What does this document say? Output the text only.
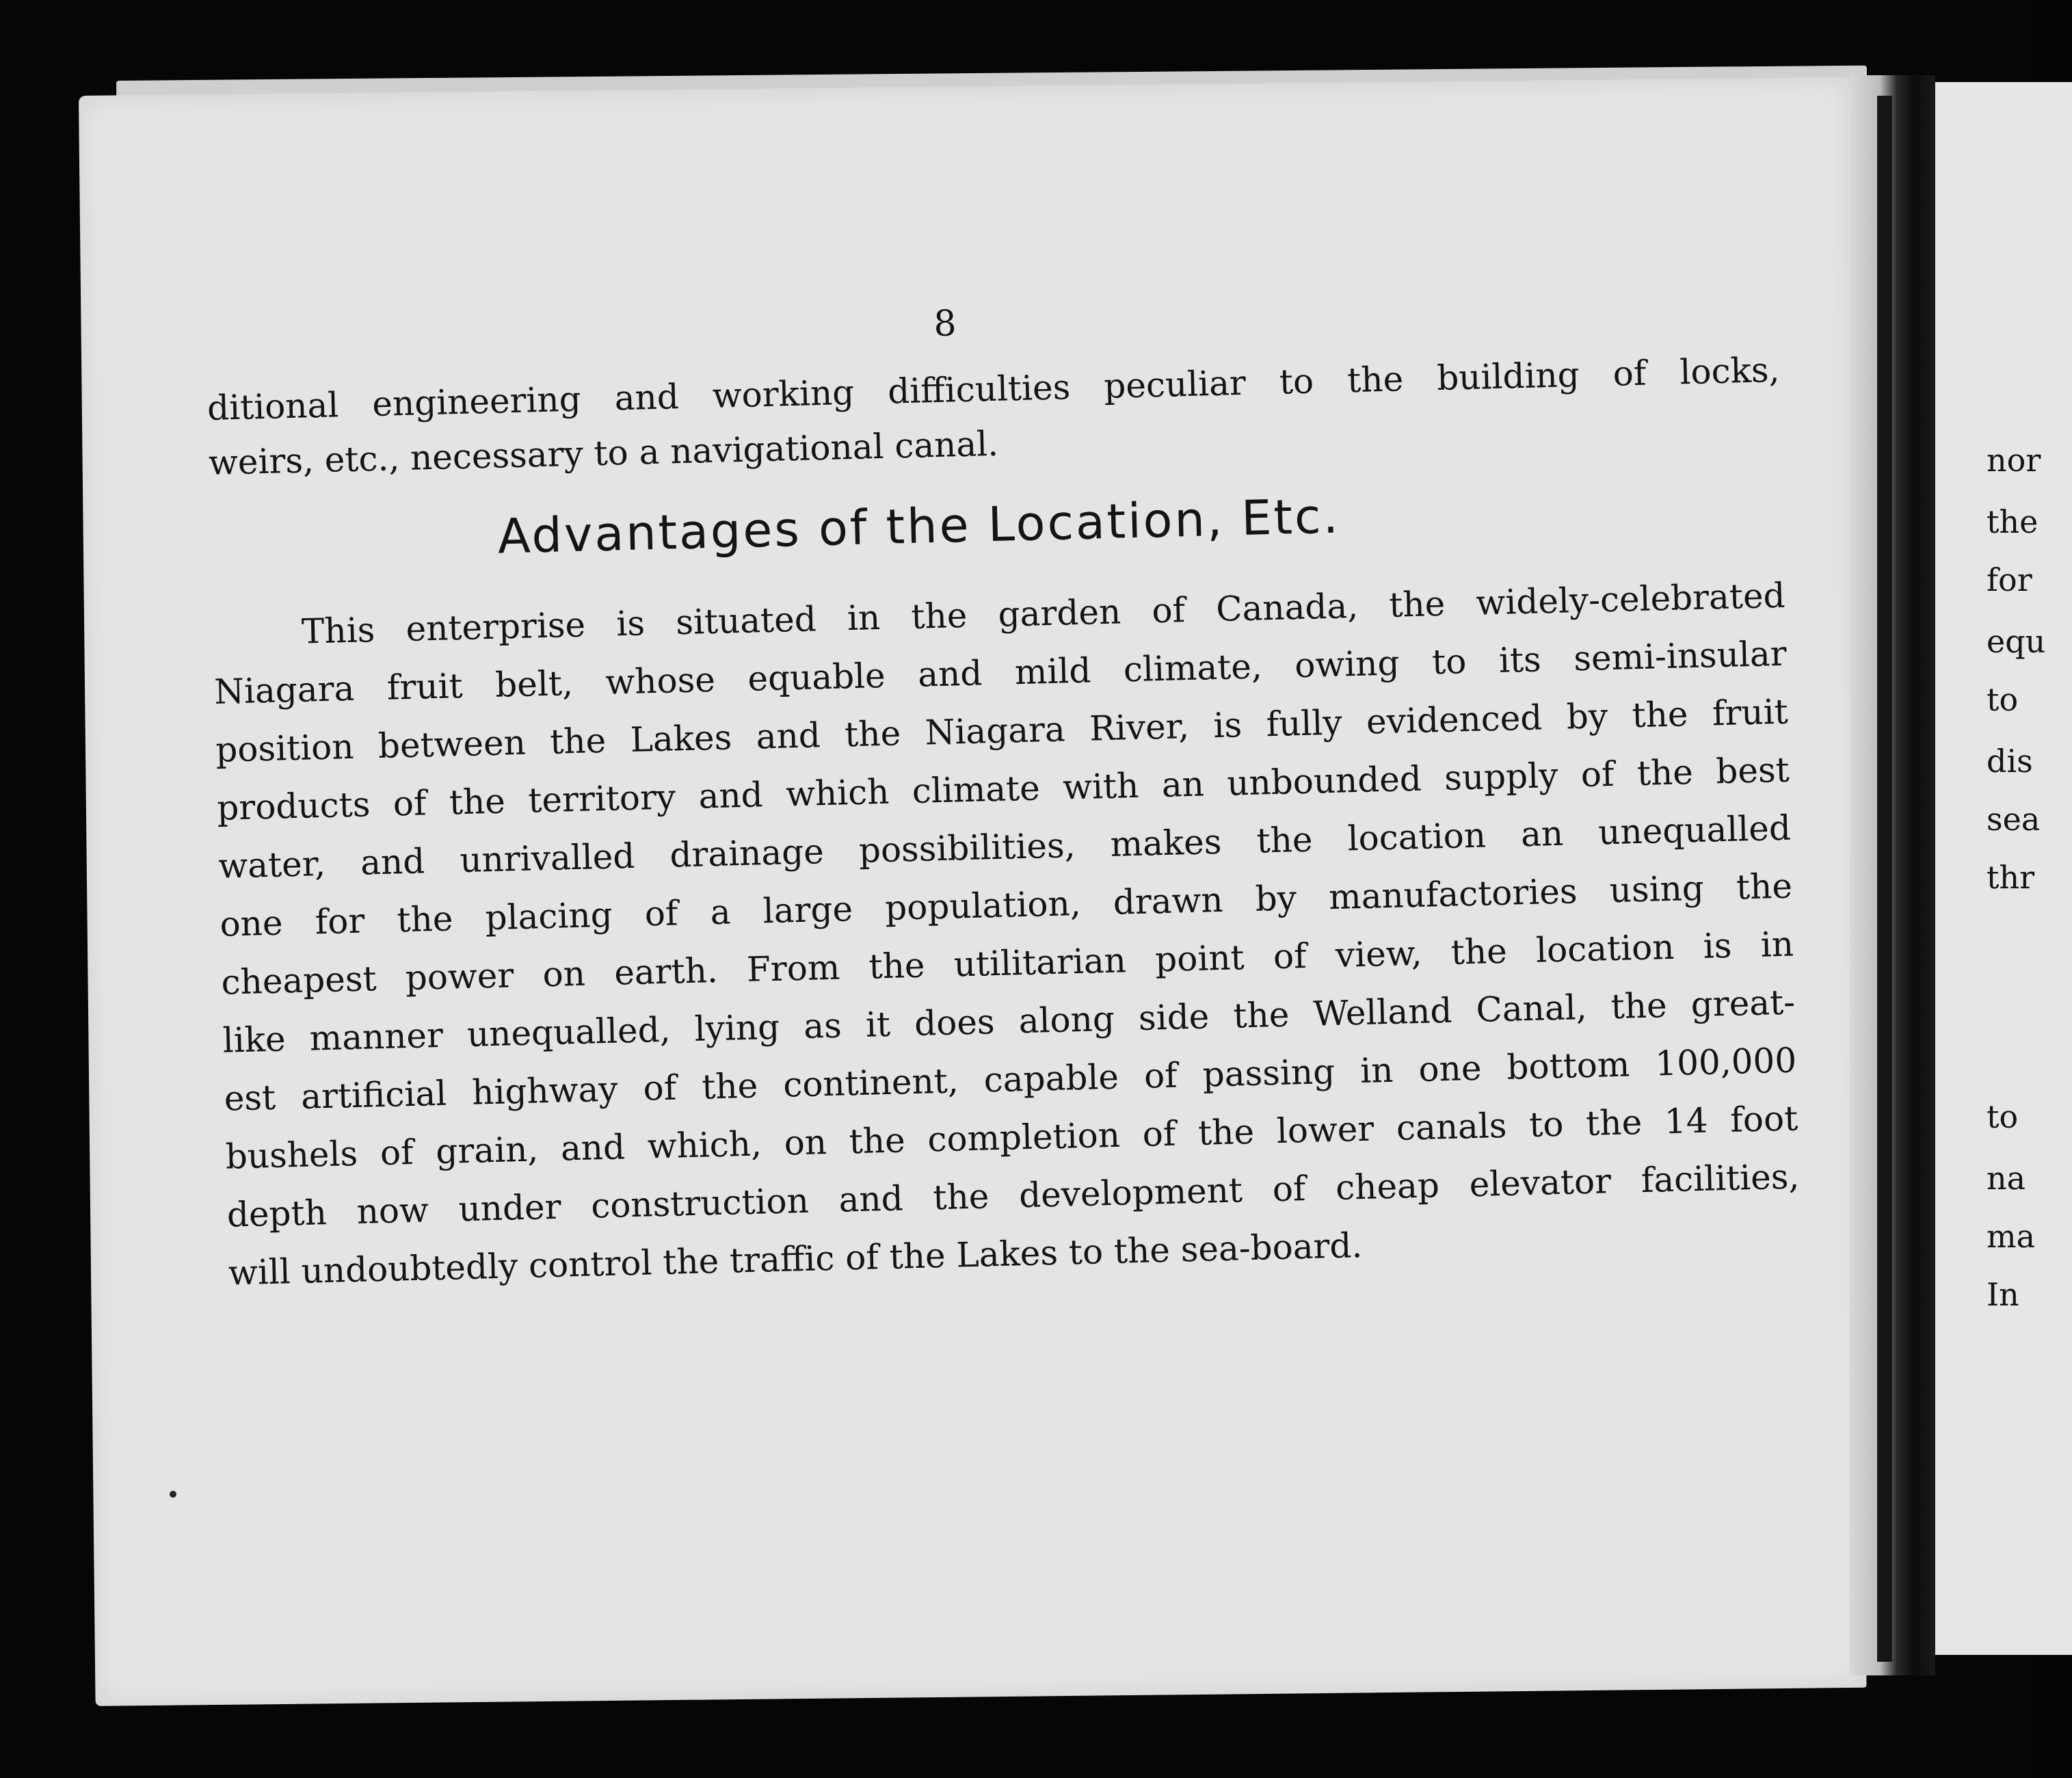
8
ditional engineering and working difficulties peculiar to the building of locks,
weirs, etc., necessary to a navigational canal.
Advantages of the Location, Etc.
This enterprise is situated in the garden of Canada, the widely-celebrated
Niagara fruit belt, whose equable and mild climate, owing to its semi-insular
position between the Lakes and the Niagara River, is fully evidenced by the fruit
products of the territory and which climate with an unbounded supply of the best
water, and unrivalled drainage possibilities, makes the location an unequalled
one for the placing of a large population, drawn by manufactories using the
cheapest power on earth. From the utilitarian point of view, the location is in
like manner unequalled, lying as it does along side the Welland Canal, the great-
est artificial highway of the continent, capable of passing in one bottom 100,000
bushels of grain, and which, on the completion of the lower canals to the 14 foot
depth now under construction and the development of cheap elevator facilities,
will undoubtedly control the traffic of the Lakes to the sea-board.
nor
the
for
equ
to
dis
sea
thr
to
na
ma
In
